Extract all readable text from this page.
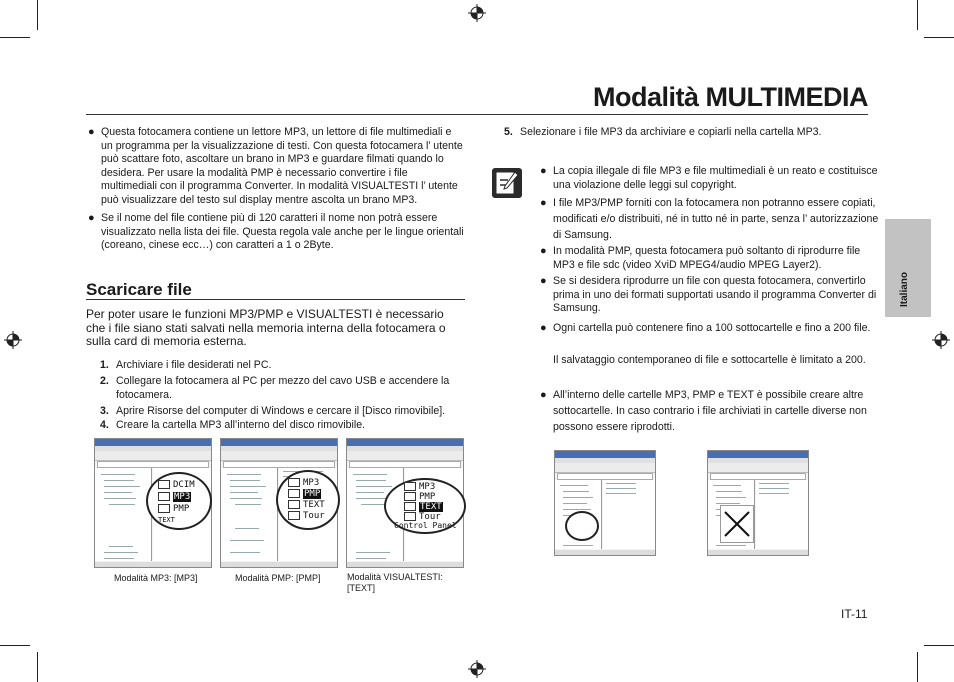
Modalità MULTIMEDIA
Italiano
● Questa fotocamera contiene un lettore MP3, un lettore di file multimediali e un programma per la visualizzazione di testi. Con questa fotocamera l’ utente può scattare foto, ascoltare un brano in MP3 e guardare filmati quando lo desidera. Per usare la modalità PMP è necessario convertire i file multimediali con il programma Converter. In modalità VISUALTESTI l’ utente può visualizzare del testo sul display mentre ascolta un brano MP3.
● Se il nome del file contiene più di 120 caratteri il nome non potrà essere visualizzato nella lista dei file. Questa regola vale anche per le lingue orientali (coreano, cinese ecc…) con caratteri a 1 o 2Byte.
Scaricare file
Per poter usare le funzioni MP3/PMP e VISUALTESTI è necessario che i file siano stati salvati nella memoria interna della fotocamera o sulla card di memoria esterna.
1. Archiviare i file desiderati nel PC.
2. Collegare la fotocamera al PC per mezzo del cavo USB e accendere la fotocamera.
3. Aprire Risorse del computer di Windows e cercare il [Disco rimovibile].
4. Creare la cartella MP3 all’interno del disco rimovibile.
DCIM
MP3
PMP
TEXT
MP3
PMP
TEXT
Tour
MP3
PMP
TEXT
Tour
Control Panel
Modalità MP3: [MP3]	Modalità PMP: [PMP]	Modalità VISUALTESTI: [TEXT]
5. Selezionare i file MP3 da archiviare e copiarli nella cartella MP3.
● La copia illegale di file MP3 e file multimediali è un reato e costituisce una violazione delle leggi sul copyright.
● I file MP3/PMP forniti con la fotocamera non potranno essere copiati, modificati e/o distribuiti, né in tutto né in parte, senza l’ autorizzazione di Samsung.
● In modalità PMP, questa fotocamera può soltanto di riprodurre file MP3 e file sdc (video XviD MPEG4/audio MPEG Layer2).
● Se si desidera riprodurre un file con questa fotocamera, convertirlo prima in uno dei formati supportati usando il programma Converter di Samsung.
● Ogni cartella può contenere fino a 100 sottocartelle e fino a 200 file.
Il salvataggio contemporaneo di file e sottocartelle è limitato a 200.
● All’interno delle cartelle MP3, PMP e TEXT è possibile creare altre sottocartelle. In caso contrario i file archiviati in cartelle diverse non possono essere riprodotti.
IT-11
